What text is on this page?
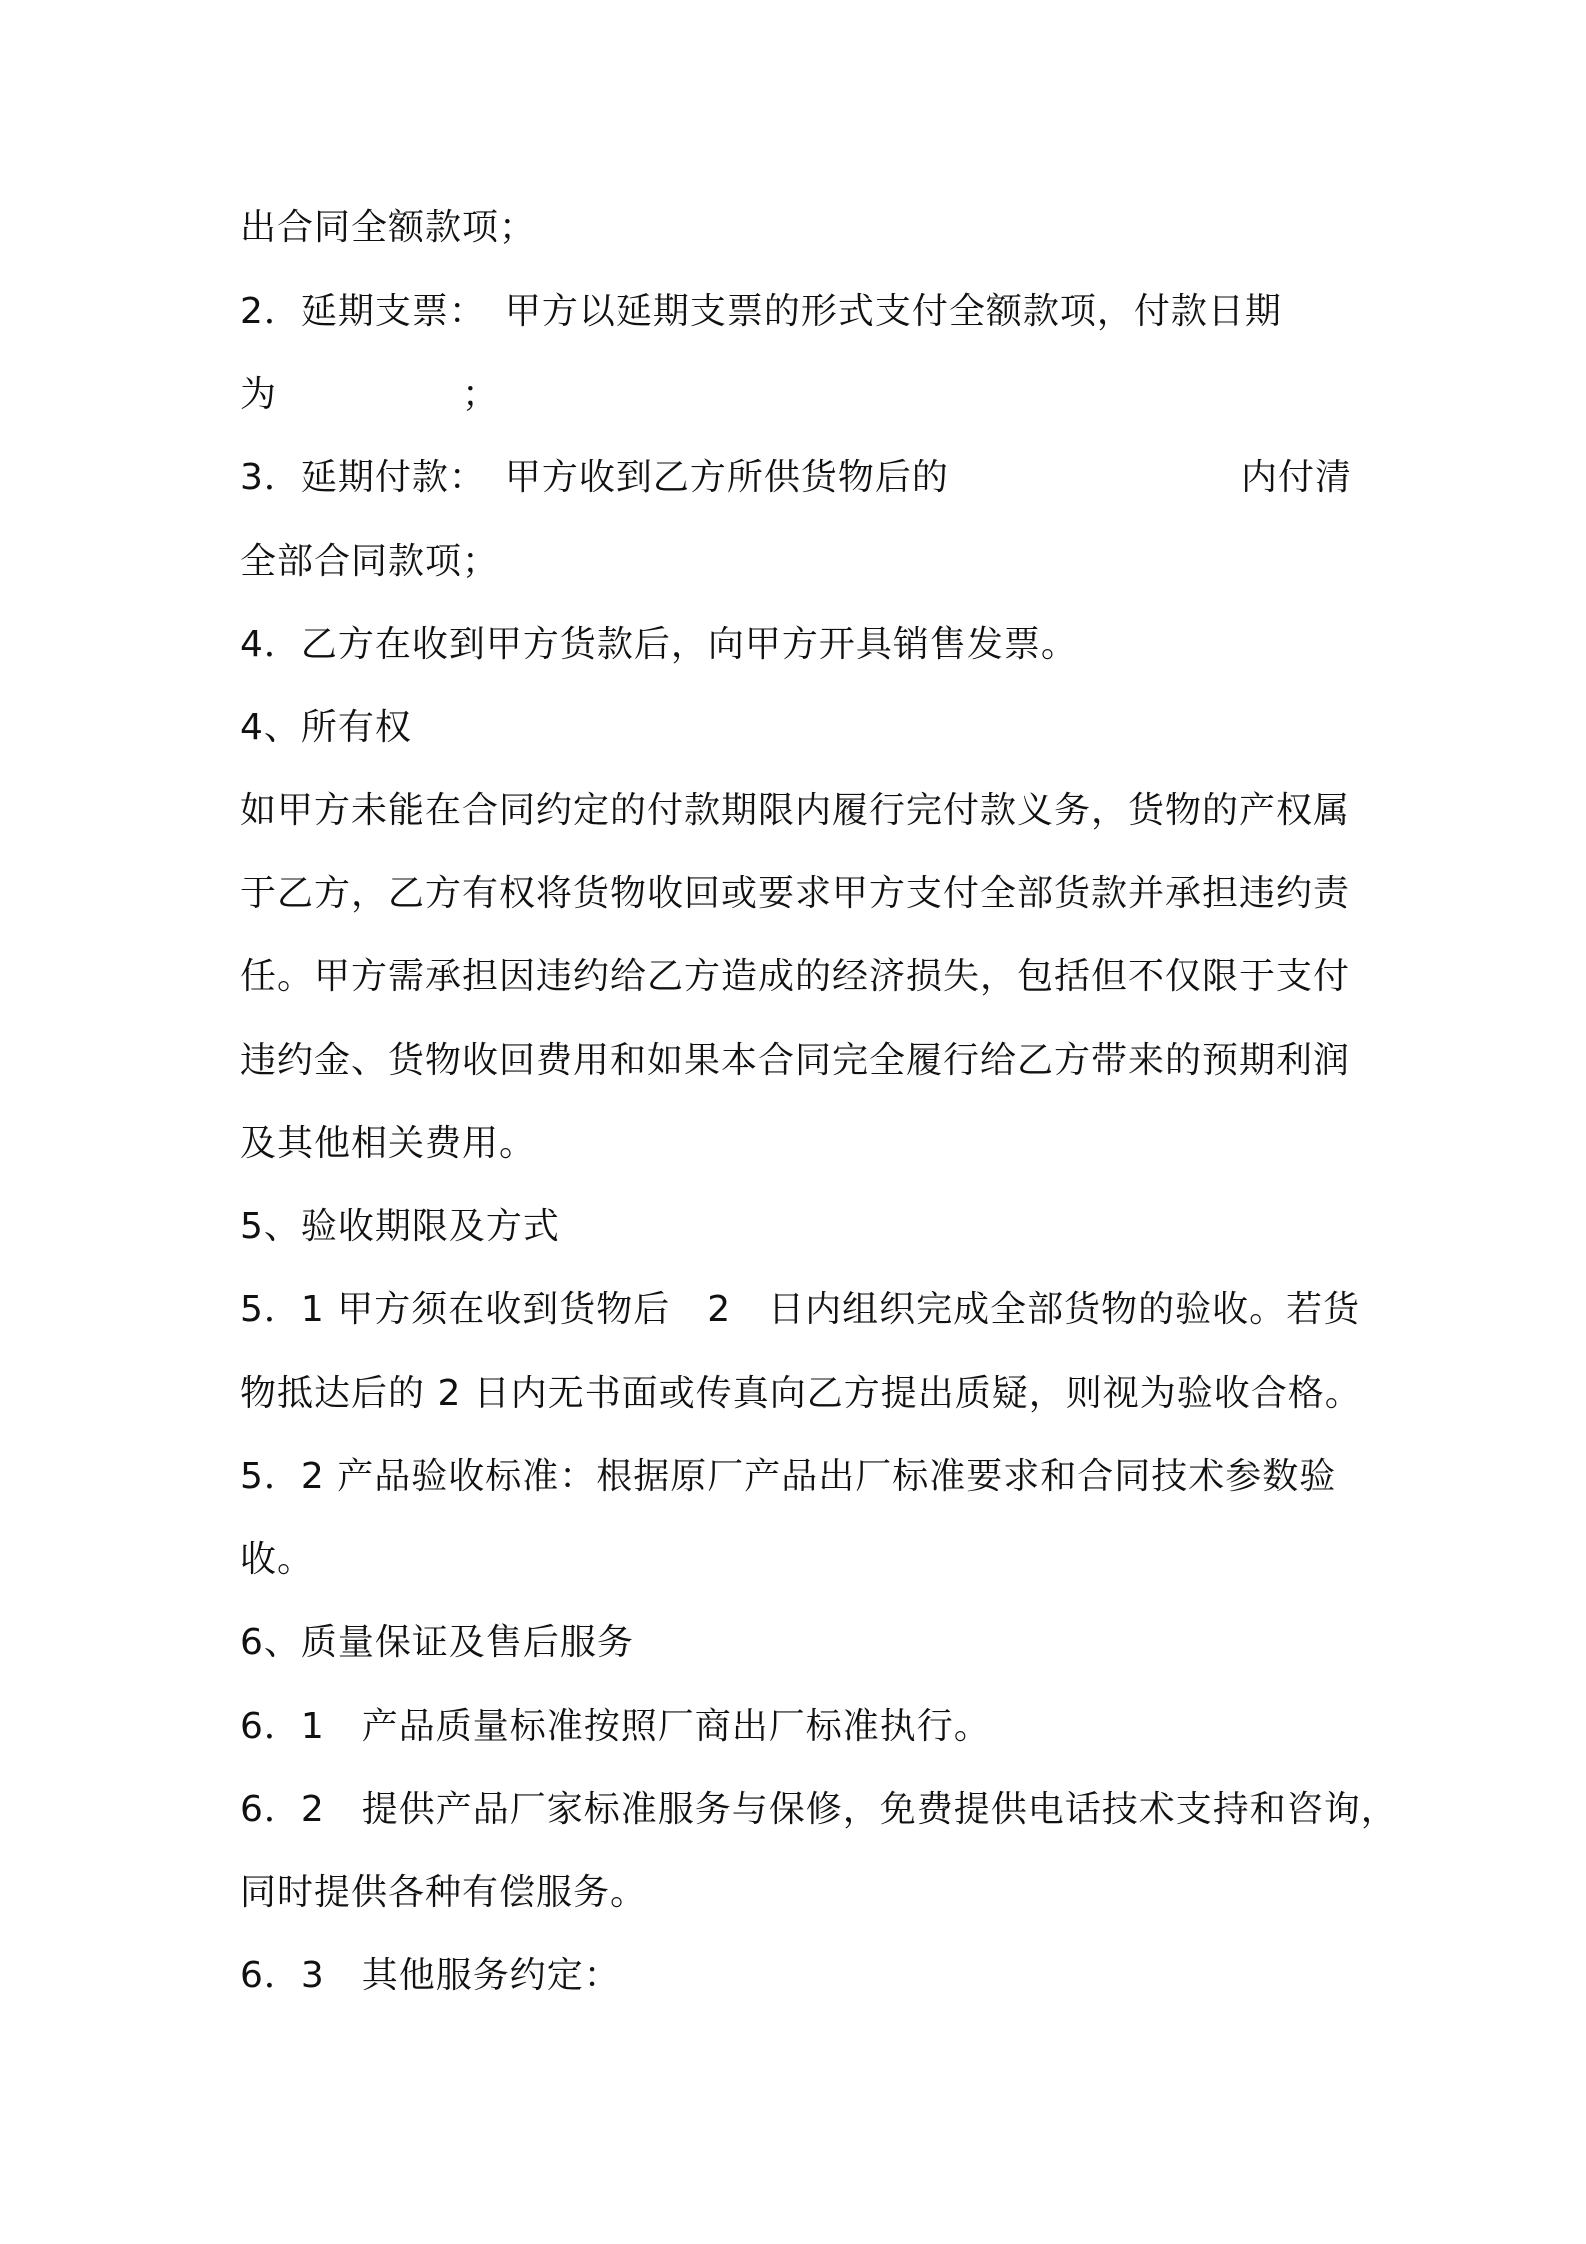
出合同全额款项；
2．延期支票：　甲方以延期支票的形式支付全额款项，付款日期
为　　　　　；
3．延期付款：　甲方收到乙方所供货物后的	内付清
全部合同款项；
4．乙方在收到甲方货款后，向甲方开具销售发票。
4、所有权
如甲方未能在合同约定的付款期限内履行完付款义务，货物的产权属
于乙方，乙方有权将货物收回或要求甲方支付全部货款并承担违约责
任。甲方需承担因违约给乙方造成的经济损失，包括但不仅限于支付
违约金、货物收回费用和如果本合同完全履行给乙方带来的预期利润
及其他相关费用。
5、验收期限及方式
5．1 甲方须在收到货物后　2　日内组织完成全部货物的验收。若货
物抵达后的 2 日内无书面或传真向乙方提出质疑，则视为验收合格。
5．2 产品验收标准：根据原厂产品出厂标准要求和合同技术参数验
收。
6、质量保证及售后服务
6．1　产品质量标准按照厂商出厂标准执行。
6．2　提供产品厂家标准服务与保修，免费提供电话技术支持和咨询，
同时提供各种有偿服务。
6．3　其他服务约定：
